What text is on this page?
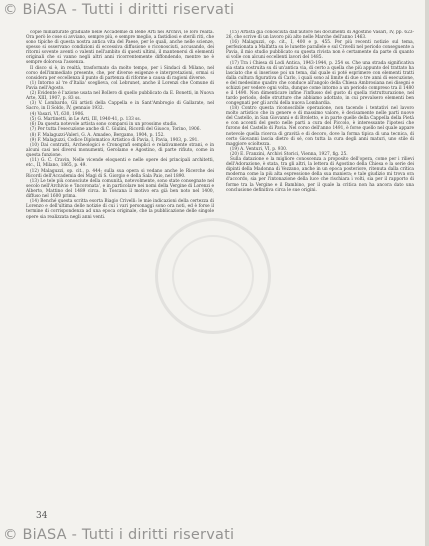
© BiASA - Tutti i diritti riservati

copie miniaturate graduate nelle Accademie di Belle Arti nei Archivi, le loro realtà. Ora però le cose si avviano, sempre più, e sempre meglio, a fastidiosi e sterili riti, che sono tipiche di questa nostra antica vita del Paese, per le quali, anche nelle scienze, spesso si osservano condizioni di eccessiva diffusione o riconosciuti, accusando, dei ritorni sovente aventi o valenti nell'ambito di questi ultimi, il mantenersi di elementi originali che si vanno negli altri anni ricorrentemente diffondendo, mentre ne è sempre dolorosa l'assenza.

Il disco si è, in realtà, trasformato da molto tempo, per i Sindaci di Milano, nel corso dell'immediato presente, che, per diverse esigenze e interpretazioni, ormai si considera per eccellenza il punto di partenza di riforme a causa di ragioni diverse.

(1) Intorno al 're d'Italia' sceglieva, col Lebrunet, anche il Lorenzi che Comune di Pavia nell'Agosto.

(2) Evidente è l'azione usata nel Bollero di quello pubblicato da E. Bonetti, in Nuova Arte, XIII, 1907, p. 83 ss.

(3) V. Lombardo, Gli artisti della Cappella e in Sant'Ambrogio di Gallarate, nel Sacro, in Il Soldo, IV, gennaio 1932.

(4) Vasari, VI, 630, 1906.

(5) G. Martinetti, in Le Arti, III, 1940-41, p. 133 ss.

(6) Da questa notevole artista sono comparsi in un prossimo studio.

(7) Per tutta l'esecuzione anche di C. Giulini, Ricordi del Giuoco, Torino, 1906.

(8) F. Malaguzzi-Valeri, G. A. Amadeo, Bergamo, 1904, p. 152.

(9) F. Malaguzzi, Codice Diplomatico Artistico di Pavia, I, Pavia, 1903, p. 291.

(10) Dai contratti, Archeologici e Cronografi semplici e relativamente strani, e in alcuni casi nei diversi monumenti, Gerolamo e Agostino, di parte rifiuto, come in questa funzione.

(11) G. C. Cravin, Nelle vicende eloquenti e nelle opere dei principali architetti, etc., II, Milano, 1865, p. 49.

(12) Malaguzzi, op. cit., p. 444; sulla sua opera si vedano anche le Ricerche dei Ricordi dell'Accademia dei Magi di S. Giorgio e della Sala Paio, nel 1890.

(13) Le tele più conosciute della comunità, notevolmente, sono state consegnate nel secolo nell'Archivio e 'Incoronata', e in particolare nei nomi della Vergine di Lorenzi e Alberto, Mattino del 1489 circa. In Toscana il motivo era già ben noto nel 1400, diffuso nel 1600 prima.

(14) Benché questa scritta esorta Biagio Crivelli: le mie indicazioni della certezza di Lorenzo e dell'ultima delle notizie di cui i vari personaggi sono ora noti, ed è forse il termine di corrispondenza ad una epoca originale, che la pubblicazione delle singole opere sia realizzata negli anni venti.

(15) Artista già conosciuta dall'autore nei documenti di Agostino Vasari, IV, pp. 623-26, che scrive di un lavoro più alto nelle Marche dell'anno 1463.

(16) Malaguzzi, op. cit., I, 400 e p. 455. Per più recenti notizie sul tema, perfezionata a Malfatta su le lunette parallele e sul Crivelli nel periodo conseguente a Pavia, il mio studio pubblicato su questa rivista non è certamente da parte di quanto si volle con alcuni eccellenti lavori del 1485.

(17) Tra i Chiesa di Lodi Antica, 1943-1944, p. 254 ss. Che una strada significativa sia stata costruita su di un'antica via, di certo a quella che più appunto del trattato ha lasciato che si inserisse poi un tema, dal quale si poté esprimere con elementi tratti dalla cultura figurativa di Carlo, i quali sono al limite di due o tre anni di esecuzione, e del medesimo quadro che conduce all'angolo della Chiesa Ambrosiana nei disegni e schizzi per vedere ogni volta, dunque come intorno a un periodo compreso tra il 1480 e il 1490. Non dimenticare infine l'influsso del gusto di quella ristrutturazione, nel tardo periodo, delle strutture che abbiamo adottato, in cui prevalsero elementi ben congegnati per gli archi della nuova Lombardia.

(18) Contro questa riconoscibile operazione, non tacendo i tentativi nel lavoro molto artistico che in genere e di massimo valore, è decisamente nelle parti nuove del Castello, in San Giovanni e di Broletto, e in parte quelle della Cappella della Pietà e con accenti del gesto nelle parti a cura del Piccolo, è interessante l'ipotesi che furono del Castello di Pavia. Nel corso dell'anno 1491, è forse quello nel quale appare notevole quella ricerca di gravità e di decoro, dove la forma tipica di una tecnica, di certo Giovanni lascia dietro di sé, con tutta la cura degli anni maturi, uno stile di maggiore scioltezza.

(19) A. Venturi, VI, p. 930.

(20) E. Franzini, Archivi Storici, Vienna, 1927, fig. 25.

Sulla datazione e la migliore conoscenza a proposito dell'opera, come per i rilievi dell'Adorazione, è stata, tra gli altri, la lettera di Agostino della Chiesa e la serie dei dipinti della Madonna di Vezzano, anche in un epoca posteriore, ritenuta dalla critica moderna come la più alta espressione della sua maniera; e tale giudizio mi trova ora d'accordo, sia per l'intonazione della luce che rischiara i volti, sia per il rapporto di forme tra la Vergine e il Bambino, per il quale la critica non ha ancora dato una conclusione definitiva circa le sue origini.

34
© BiASA - Tutti i diritti riservati
